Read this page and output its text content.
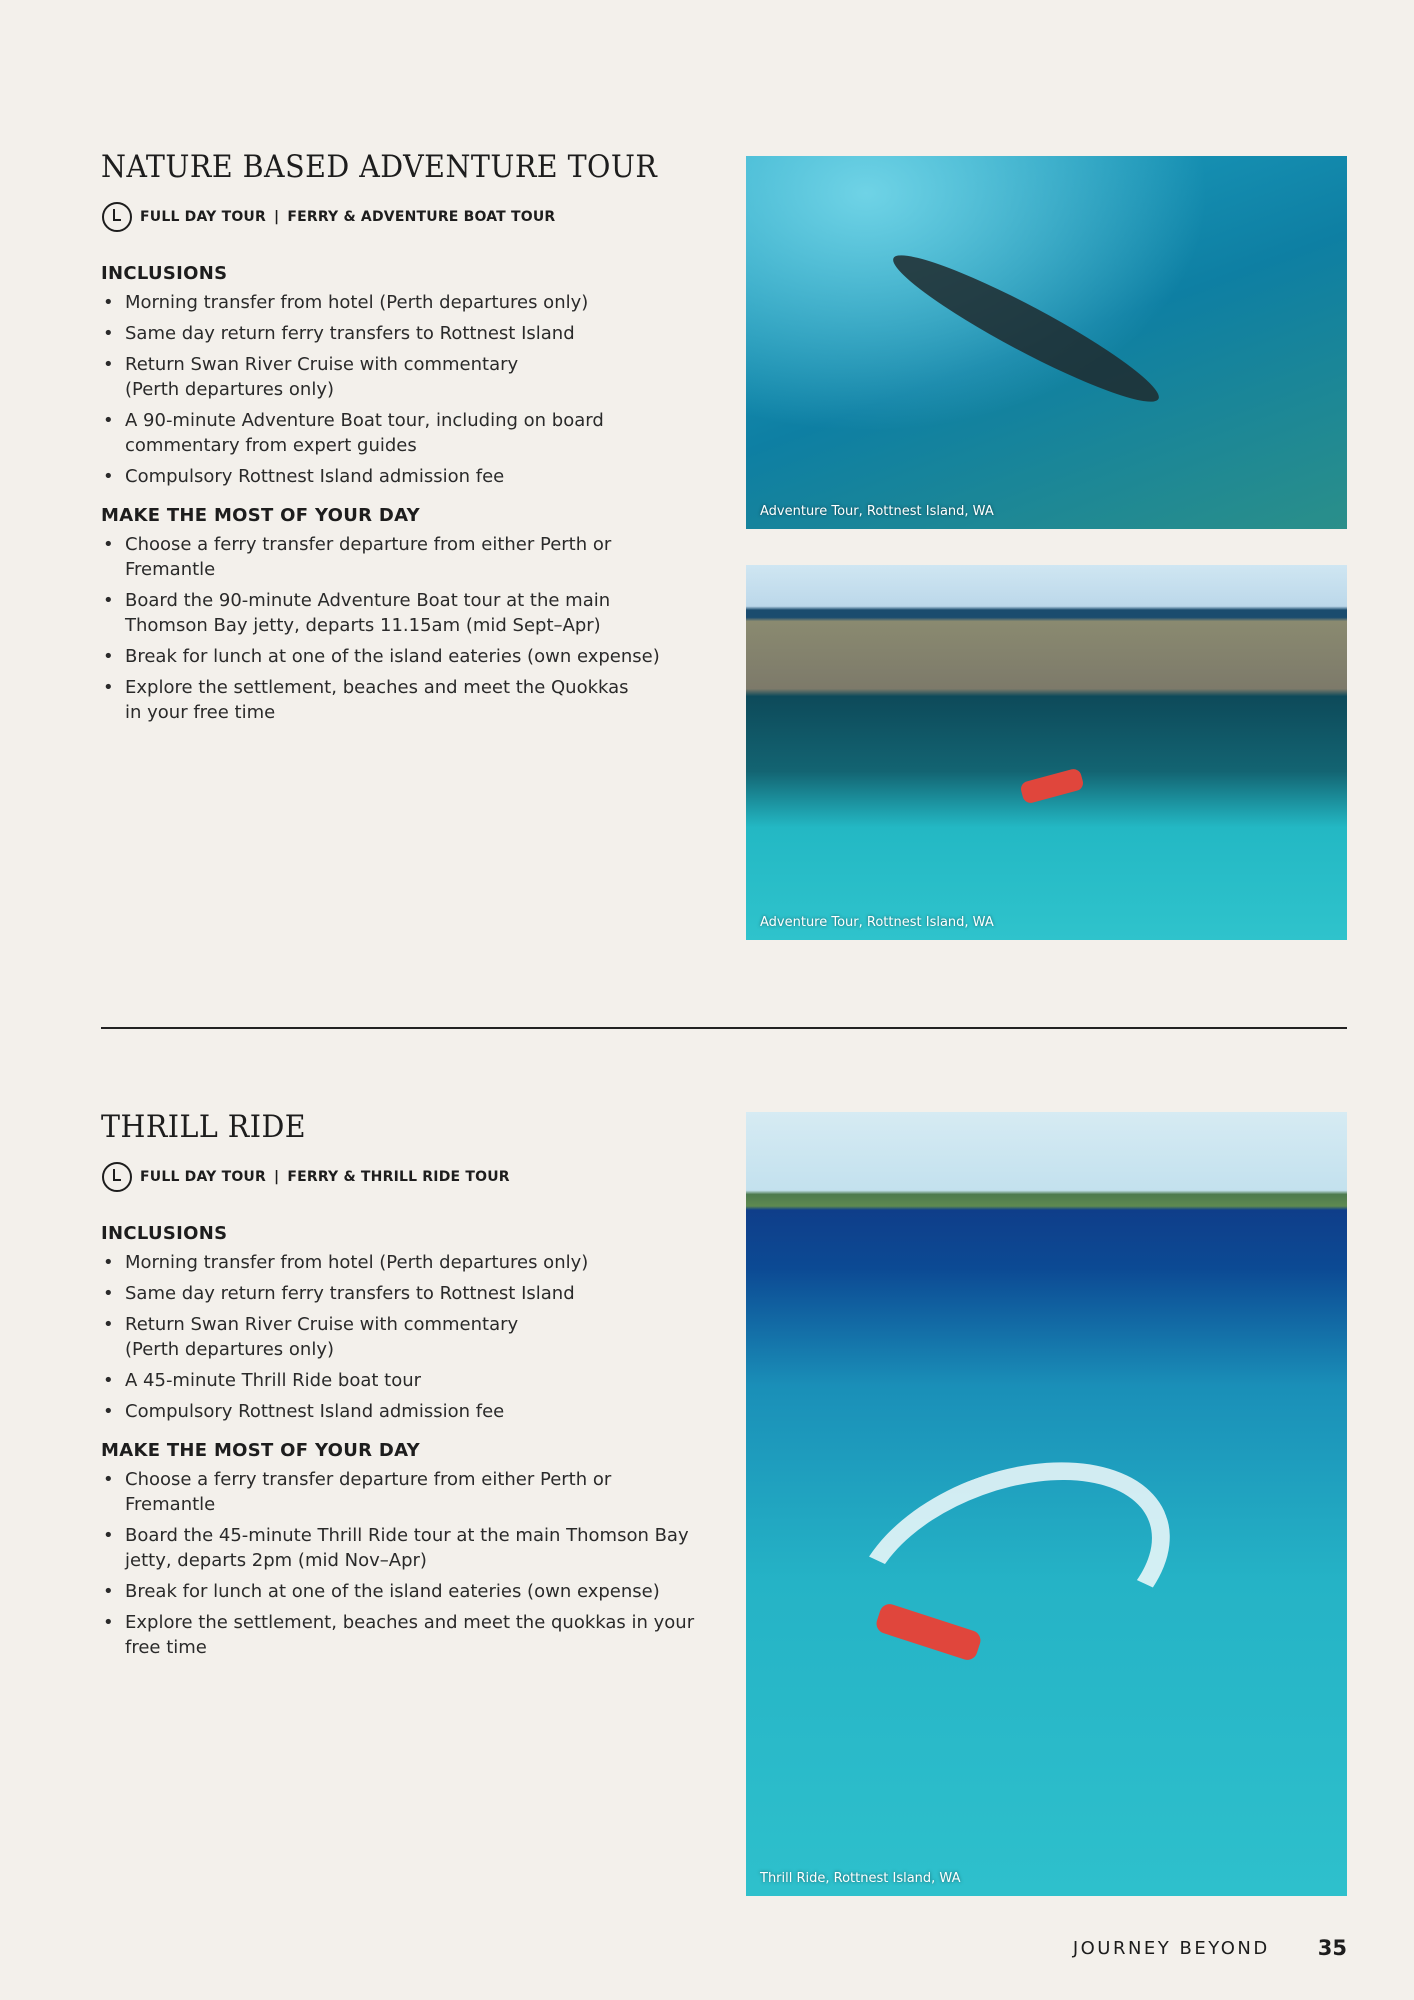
NATURE BASED ADVENTURE TOUR
FULL DAY TOUR | FERRY & ADVENTURE BOAT TOUR
INCLUSIONS
• Morning transfer from hotel (Perth departures only)
• Same day return ferry transfers to Rottnest Island
• Return Swan River Cruise with commentary (Perth departures only)
• A 90-minute Adventure Boat tour, including on board commentary from expert guides
• Compulsory Rottnest Island admission fee
MAKE THE MOST OF YOUR DAY
• Choose a ferry transfer departure from either Perth or Fremantle
• Board the 90-minute Adventure Boat tour at the main Thomson Bay jetty, departs 11.15am (mid Sept–Apr)
• Break for lunch at one of the island eateries (own expense)
• Explore the settlement, beaches and meet the Quokkas in your free time
Adventure Tour, Rottnest Island, WA
Adventure Tour, Rottnest Island, WA
THRILL RIDE
FULL DAY TOUR | FERRY & THRILL RIDE TOUR
INCLUSIONS
• Morning transfer from hotel (Perth departures only)
• Same day return ferry transfers to Rottnest Island
• Return Swan River Cruise with commentary (Perth departures only)
• A 45-minute Thrill Ride boat tour
• Compulsory Rottnest Island admission fee
MAKE THE MOST OF YOUR DAY
• Choose a ferry transfer departure from either Perth or Fremantle
• Board the 45-minute Thrill Ride tour at the main Thomson Bay jetty, departs 2pm (mid Nov–Apr)
• Break for lunch at one of the island eateries (own expense)
• Explore the settlement, beaches and meet the quokkas in your free time
Thrill Ride, Rottnest Island, WA
JOURNEY BEYOND 35
